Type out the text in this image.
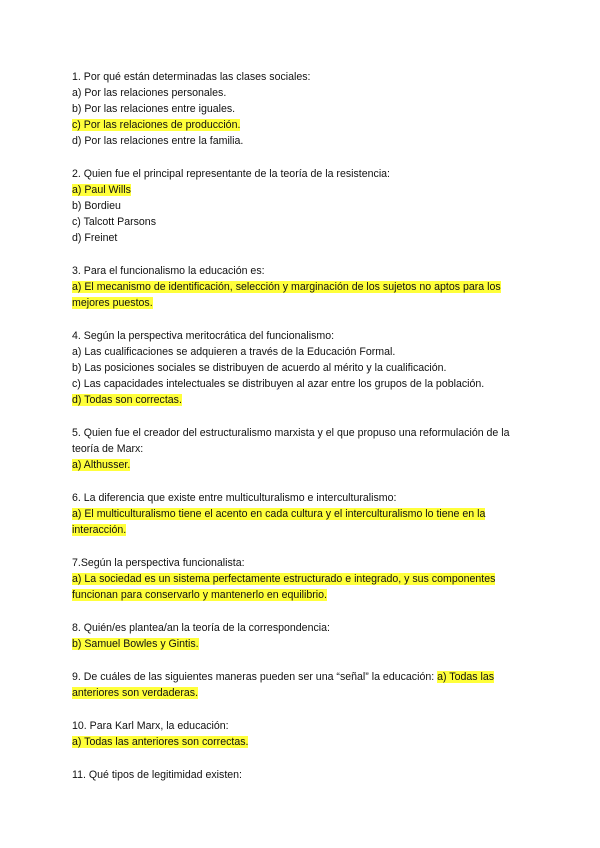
1. Por qué están determinadas las clases sociales:
a) Por las relaciones personales.
b) Por las relaciones entre iguales.
c) Por las relaciones de producción.
d) Por las relaciones entre la familia.
2. Quien fue el principal representante de la teoría de la resistencia:
a) Paul Wills
b) Bordieu
c) Talcott Parsons
d) Freinet
3. Para el funcionalismo la educación es:
a) El mecanismo de identificación, selección y marginación de los sujetos no aptos para los mejores puestos.
4. Según la perspectiva meritocrática del funcionalismo:
a) Las cualificaciones se adquieren a través de la Educación Formal.
b) Las posiciones sociales se distribuyen de acuerdo al mérito y la cualificación.
c) Las capacidades intelectuales se distribuyen al azar entre los grupos de la población.
d) Todas son correctas.
5. Quien fue el creador del estructuralismo marxista y el que propuso una reformulación de la teoría de Marx:
a) Althusser.
6. La diferencia que existe entre multiculturalismo e interculturalismo:
a) El multiculturalismo tiene el acento en cada cultura y el interculturalismo lo tiene en la interacción.
7.Según la perspectiva funcionalista:
a) La sociedad es un sistema perfectamente estructurado e integrado, y sus componentes funcionan para conservarlo y mantenerlo en equilibrio.
8. Quién/es plantea/an la teoría de la correspondencia:
b) Samuel Bowles y Gintis.
9. De cuáles de las siguientes maneras pueden ser una “señal” la educación: a) Todas las anteriores son verdaderas.
10. Para Karl Marx, la educación:
a) Todas las anteriores son correctas.
11. Qué tipos de legitimidad existen:
